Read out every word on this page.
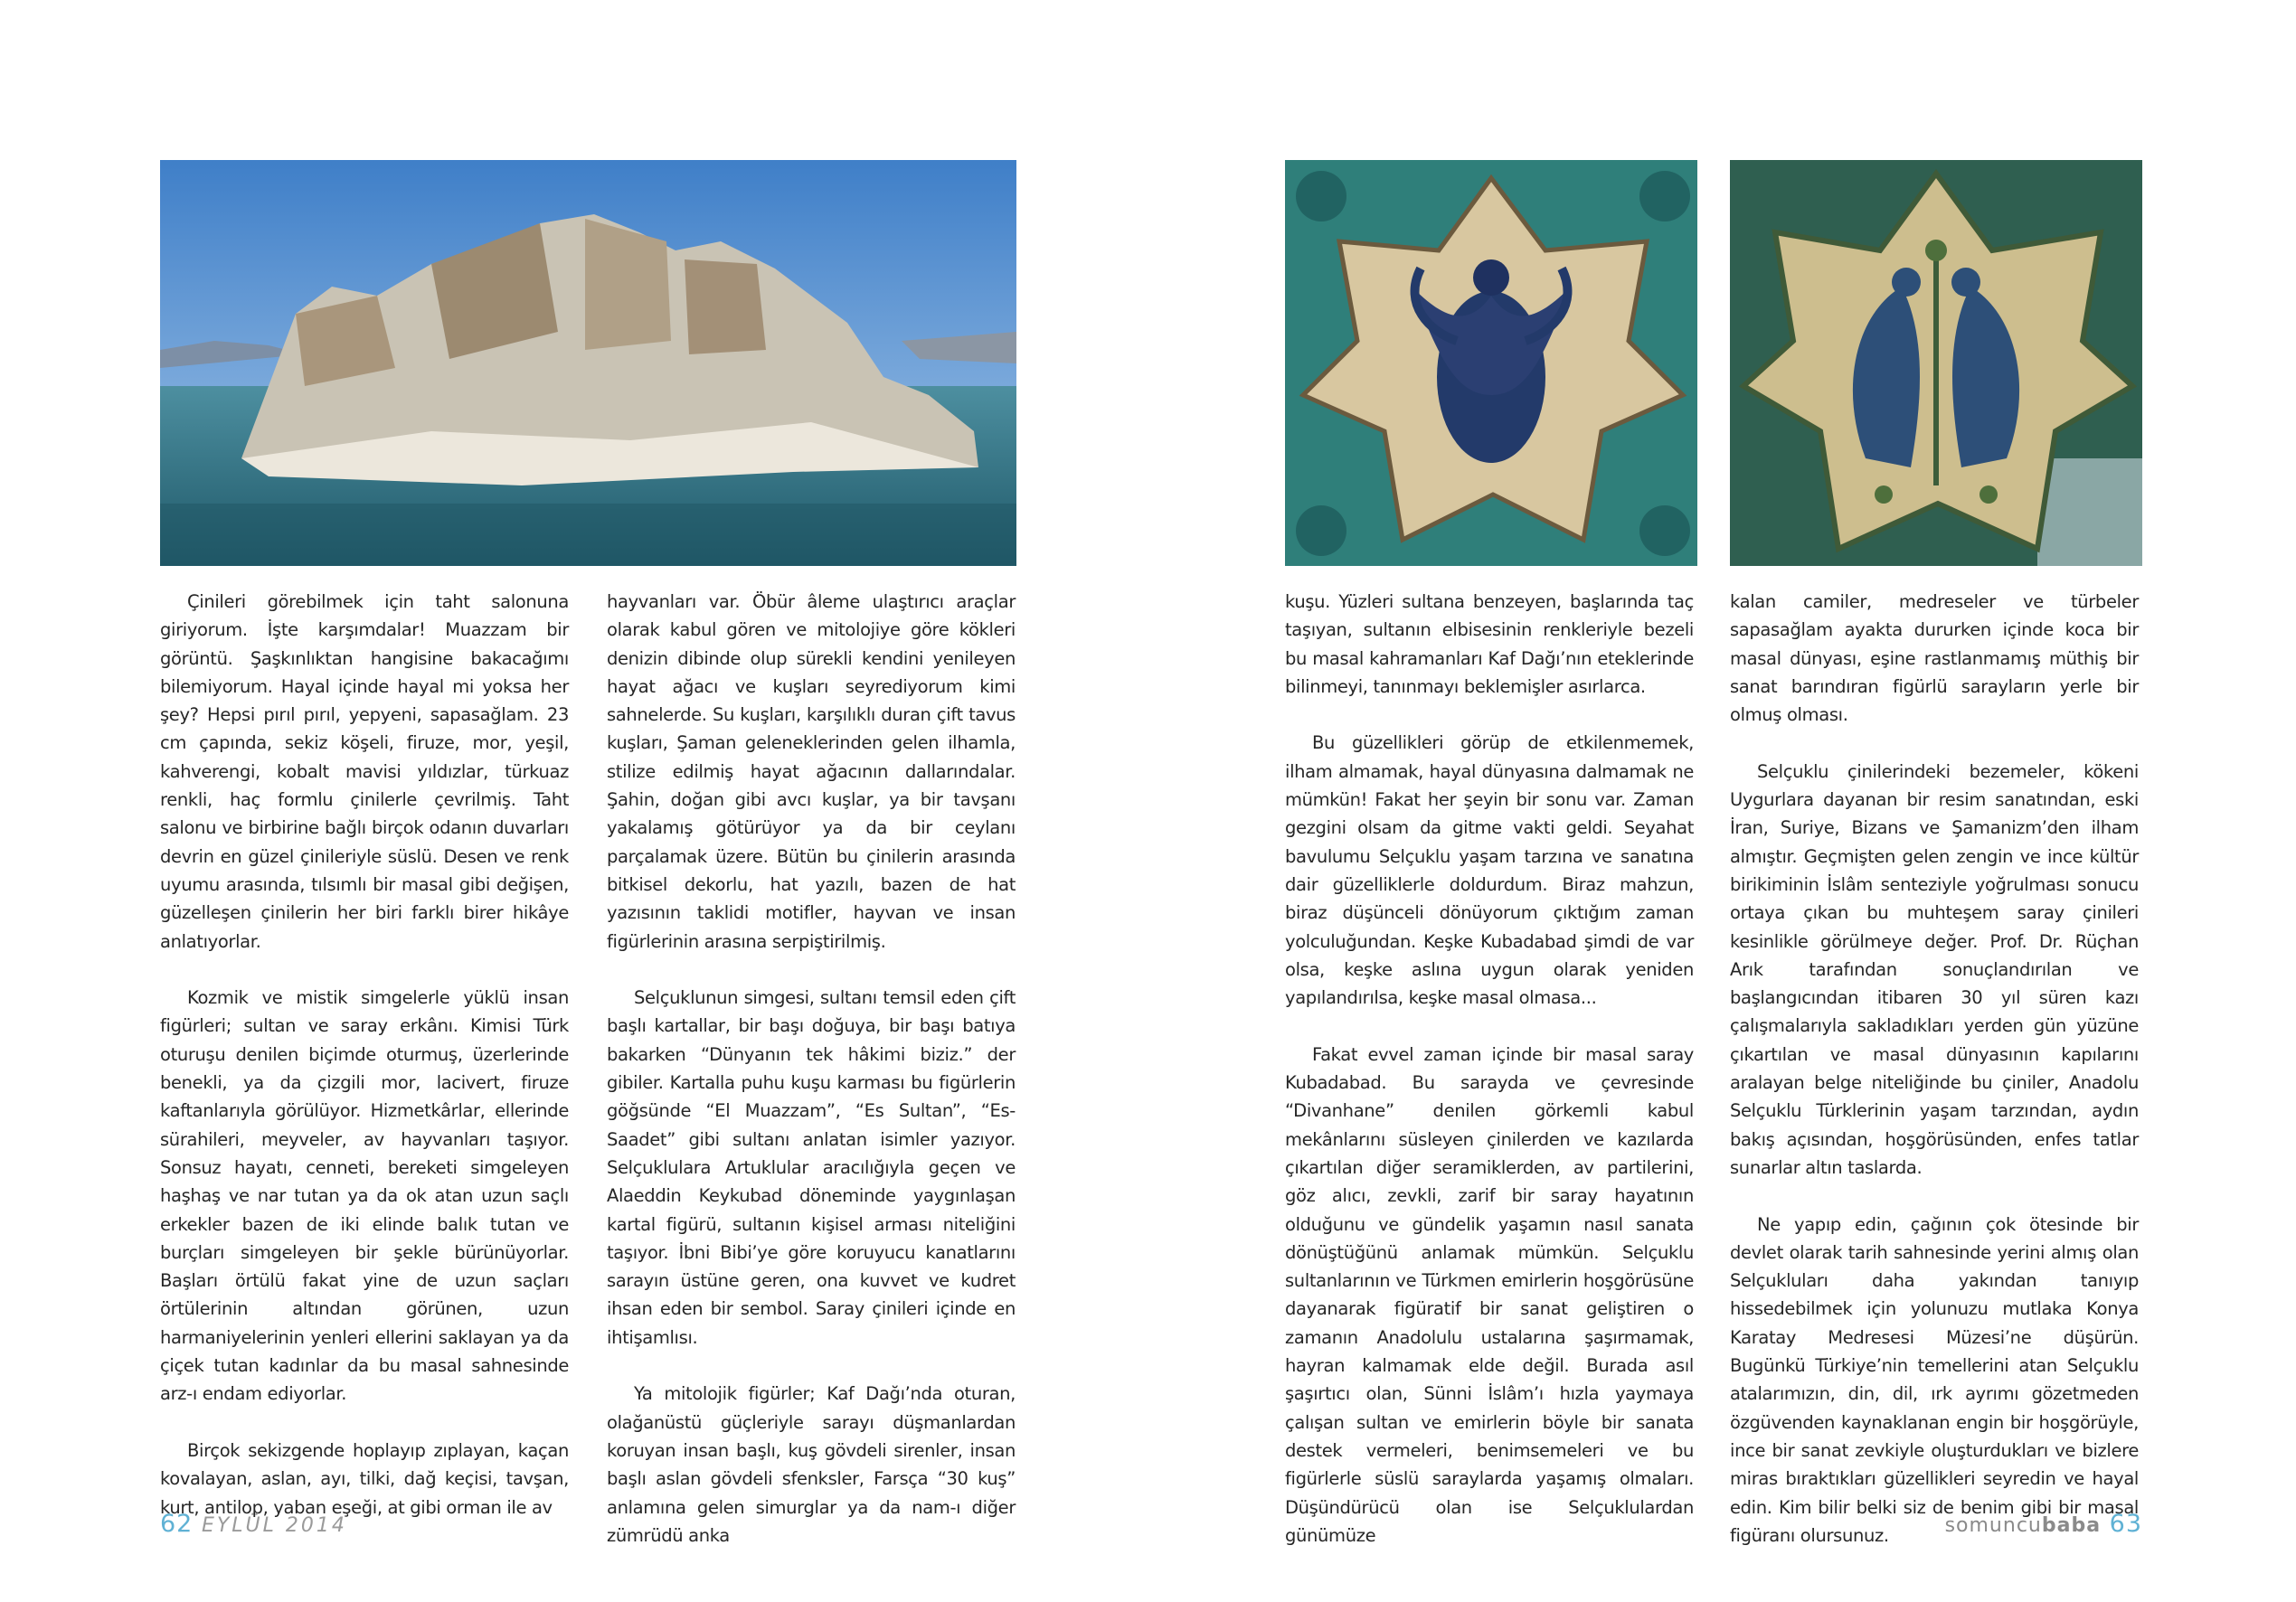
Çinileri görebilmek için taht salonuna giriyorum. İşte karşımdalar! Muazzam bir görüntü. Şaşkınlıktan hangisine bakacağımı bilemiyorum. Hayal içinde hayal mi yoksa her şey? Hepsi pırıl pırıl, yepyeni, sapasağlam. 23 cm çapında, sekiz köşeli, firuze, mor, yeşil, kahverengi, kobalt mavisi yıldızlar, türkuaz renkli, haç formlu çinilerle çevrilmiş. Taht salonu ve birbirine bağlı birçok odanın duvarları devrin en güzel çinileriyle süslü. Desen ve renk uyumu arasında, tılsımlı bir masal gibi değişen, güzelleşen çinilerin her biri farklı birer hikâye anlatıyorlar.

Kozmik ve mistik simgelerle yüklü insan figürleri; sultan ve saray erkânı. Kimisi Türk oturuşu denilen biçimde oturmuş, üzerlerinde benekli, ya da çizgili mor, lacivert, firuze kaftanlarıyla görülüyor. Hizmetkârlar, ellerinde sürahileri, meyveler, av hayvanları taşıyor. Sonsuz hayatı, cenneti, bereketi simgeleyen haşhaş ve nar tutan ya da ok atan uzun saçlı erkekler bazen de iki elinde balık tutan ve burçları simgeleyen bir şekle bürünüyorlar. Başları örtülü fakat yine de uzun saçları örtülerinin altından görünen, uzun harmaniyelerinin yenleri ellerini saklayan ya da çiçek tutan kadınlar da bu masal sahnesinde arz-ı endam ediyorlar.

Birçok sekizgende hoplayıp zıplayan, kaçan kovalayan, aslan, ayı, tilki, dağ keçisi, tavşan, kurt, antilop, yaban eşeği, at gibi orman ile av

hayvanları var. Öbür âleme ulaştırıcı araçlar olarak kabul gören ve mitolojiye göre kökleri denizin dibinde olup sürekli kendini yenileyen hayat ağacı ve kuşları seyrediyorum kimi sahnelerde. Su kuşları, karşılıklı duran çift tavus kuşları, Şaman geleneklerinden gelen ilhamla, stilize edilmiş hayat ağacının dallarındalar. Şahin, doğan gibi avcı kuşlar, ya bir tavşanı yakalamış götürüyor ya da bir ceylanı parçalamak üzere. Bütün bu çinilerin arasında bitkisel dekorlu, hat yazılı, bazen de hat yazısının taklidi motifler, hayvan ve insan figürlerinin arasına serpiştirilmiş.

Selçuklunun simgesi, sultanı temsil eden çift başlı kartallar, bir başı doğuya, bir başı batıya bakarken “Dünyanın tek hâkimi biziz.” der gibiler. Kartalla puhu kuşu karması bu figürlerin göğsünde “El Muazzam”, “Es Sultan”, “Es-Saadet” gibi sultanı anlatan isimler yazıyor. Selçuklulara Artuklular aracılığıyla geçen ve Alaeddin Keykubad döneminde yaygınlaşan kartal figürü, sultanın kişisel arması niteliğini taşıyor. İbni Bibi’ye göre koruyucu kanatlarını sarayın üstüne geren, ona kuvvet ve kudret ihsan eden bir sembol. Saray çinileri içinde en ihtişamlısı.

Ya mitolojik figürler; Kaf Dağı’nda oturan, olağanüstü güçleriyle sarayı düşmanlardan koruyan insan başlı, kuş gövdeli sirenler, insan başlı aslan gövdeli sfenksler, Farsça “30 kuş” anlamına gelen simurglar ya da nam-ı diğer zümrüdü anka

kuşu. Yüzleri sultana benzeyen, başlarında taç taşıyan, sultanın elbisesinin renkleriyle bezeli bu masal kahramanları Kaf Dağı’nın eteklerinde bilinmeyi, tanınmayı beklemişler asırlarca.

Bu güzellikleri görüp de etkilenmemek, ilham almamak, hayal dünyasına dalmamak ne mümkün! Fakat her şeyin bir sonu var. Zaman gezgini olsam da gitme vakti geldi. Seyahat bavulumu Selçuklu yaşam tarzına ve sanatına dair güzelliklerle doldurdum. Biraz mahzun, biraz düşünceli dönüyorum çıktığım zaman yolculuğundan. Keşke Kubadabad şimdi de var olsa, keşke aslına uygun olarak yeniden yapılandırılsa, keşke masal olmasa...

Fakat evvel zaman içinde bir masal saray Kubadabad. Bu sarayda ve çevresinde “Divanhane” denilen görkemli kabul mekânlarını süsleyen çinilerden ve kazılarda çıkartılan diğer seramiklerden, av partilerini, göz alıcı, zevkli, zarif bir saray hayatının olduğunu ve gündelik yaşamın nasıl sanata dönüştüğünü anlamak mümkün. Selçuklu sultanlarının ve Türkmen emirlerin hoşgörüsüne dayanarak figüratif bir sanat geliştiren o zamanın Anadolulu ustalarına şaşırmamak, hayran kalmamak elde değil. Burada asıl şaşırtıcı olan, Sünni İslâm’ı hızla yaymaya çalışan sultan ve emirlerin böyle bir sanata destek vermeleri, benimsemeleri ve bu figürlerle süslü saraylarda yaşamış olmaları. Düşündürücü olan ise Selçuklulardan günümüze

kalan camiler, medreseler ve türbeler sapasağlam ayakta dururken içinde koca bir masal dünyası, eşine rastlanmamış müthiş bir sanat barındıran figürlü sarayların yerle bir olmuş olması.

Selçuklu çinilerindeki bezemeler, kökeni Uygurlara dayanan bir resim sanatından, eski İran, Suriye, Bizans ve Şamanizm’den ilham almıştır. Geçmişten gelen zengin ve ince kültür birikiminin İslâm senteziyle yoğrulması sonucu ortaya çıkan bu muhteşem saray çinileri kesinlikle görülmeye değer. Prof. Dr. Rüçhan Arık tarafından sonuçlandırılan ve başlangıcından itibaren 30 yıl süren kazı çalışmalarıyla sakladıkları yerden gün yüzüne çıkartılan ve masal dünyasının kapılarını aralayan belge niteliğinde bu çiniler, Anadolu Selçuklu Türklerinin yaşam tarzından, aydın bakış açısından, hoşgörüsünden, enfes tatlar sunarlar altın taslarda.

Ne yapıp edin, çağının çok ötesinde bir devlet olarak tarih sahnesinde yerini almış olan Selçukluları daha yakından tanıyıp hissedebilmek için yolunuzu mutlaka Konya Karatay Medresesi Müzesi’ne düşürün. Bugünkü Türkiye’nin temellerini atan Selçuklu atalarımızın, din, dil, ırk ayrımı gözetmeden özgüvenden kaynaklanan engin bir hoşgörüyle, ince bir sanat zevkiyle oluşturdukları ve bizlere miras bıraktıkları güzellikleri seyredin ve hayal edin. Kim bilir belki siz de benim gibi bir masal figüranı olursunuz.

62 EYLÜL 2014	somuncubaba 63
